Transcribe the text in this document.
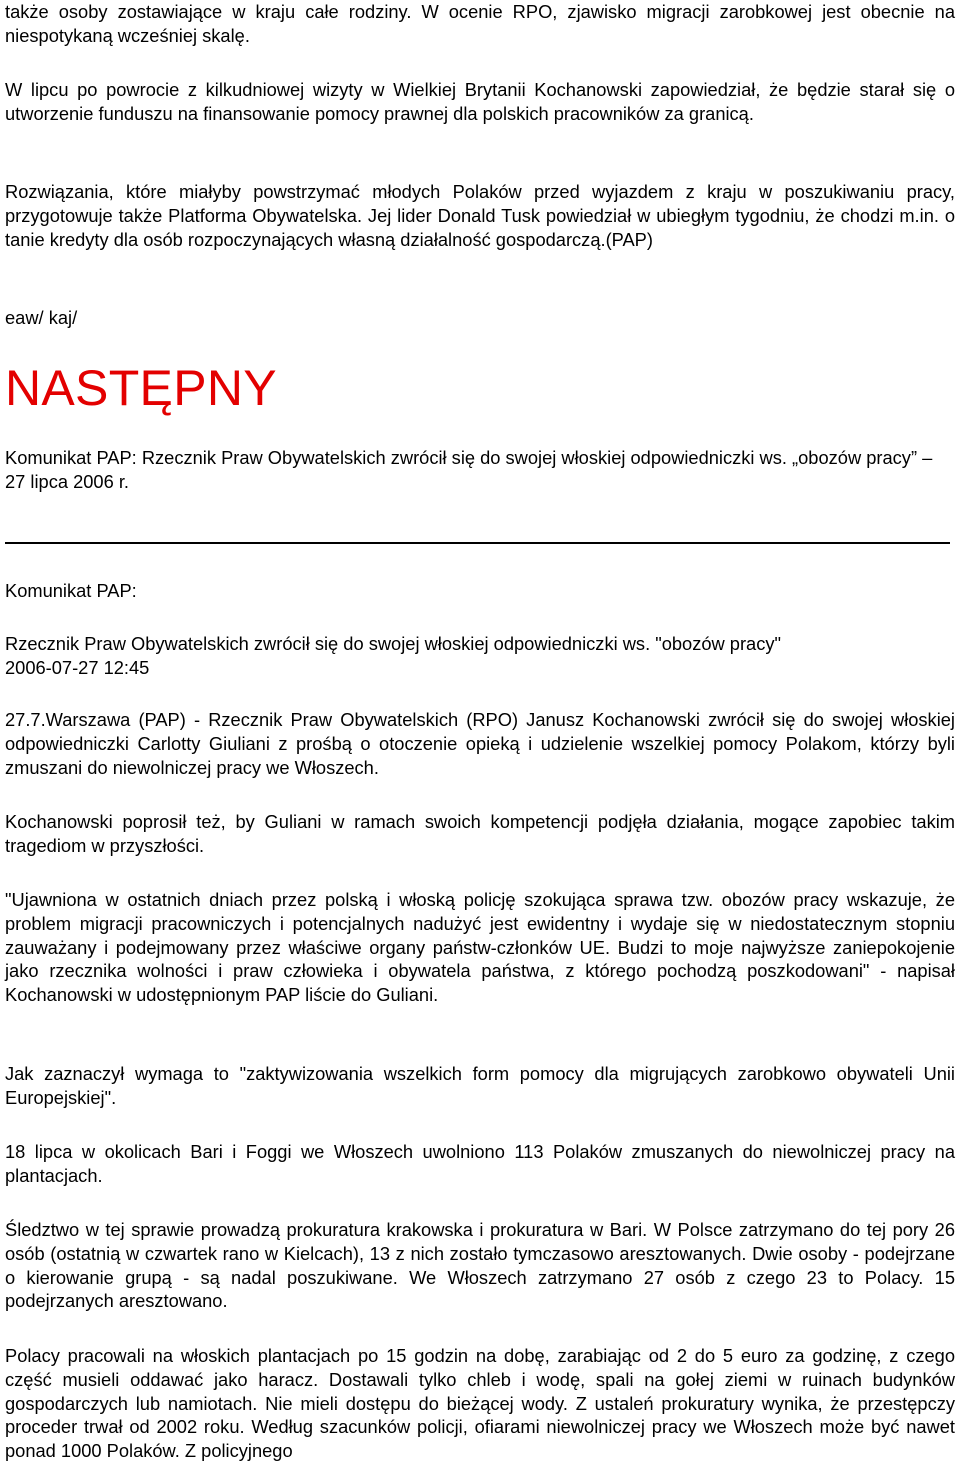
także osoby zostawiające w kraju całe rodziny. W ocenie RPO, zjawisko migracji zarobkowej jest obecnie na niespotykaną wcześniej skalę.

W lipcu po powrocie z kilkudniowej wizyty w Wielkiej Brytanii Kochanowski zapowiedział, że będzie starał się o utworzenie funduszu na finansowanie pomocy prawnej dla polskich pracowników za granicą.

Rozwiązania, które miałyby powstrzymać młodych Polaków przed wyjazdem z kraju w poszukiwaniu pracy, przygotowuje także Platforma Obywatelska. Jej lider Donald Tusk powiedział w ubiegłym tygodniu, że chodzi m.in. o tanie kredyty dla osób rozpoczynających własną działalność gospodarczą.(PAP)

eaw/ kaj/

NASTĘPNY

Komunikat PAP: Rzecznik Praw Obywatelskich zwrócił się do swojej włoskiej odpowiedniczki ws. „obozów pracy” – 27 lipca 2006 r.

Komunikat PAP:

Rzecznik Praw Obywatelskich zwrócił się do swojej włoskiej odpowiedniczki ws. "obozów pracy"
2006-07-27 12:45

27.7.Warszawa (PAP) - Rzecznik Praw Obywatelskich (RPO) Janusz Kochanowski zwrócił się do swojej włoskiej odpowiedniczki Carlotty Giuliani z prośbą o otoczenie opieką i udzielenie wszelkiej pomocy Polakom, którzy byli zmuszani do niewolniczej pracy we Włoszech.

Kochanowski poprosił też, by Guliani w ramach swoich kompetencji podjęła działania, mogące zapobiec takim tragediom w przyszłości.

"Ujawniona w ostatnich dniach przez polską i włoską policję szokująca sprawa tzw. obozów pracy wskazuje, że problem migracji pracowniczych i potencjalnych nadużyć jest ewidentny i wydaje się w niedostatecznym stopniu zauważany i podejmowany przez właściwe organy państw-członków UE. Budzi to moje najwyższe zaniepokojenie jako rzecznika wolności i praw człowieka i obywatela państwa, z którego pochodzą poszkodowani" - napisał Kochanowski w udostępnionym PAP liście do Guliani.

Jak zaznaczył wymaga to "zaktywizowania wszelkich form pomocy dla migrujących zarobkowo obywateli Unii Europejskiej".

18 lipca w okolicach Bari i Foggi we Włoszech uwolniono 113 Polaków zmuszanych do niewolniczej pracy na plantacjach.

Śledztwo w tej sprawie prowadzą prokuratura krakowska i prokuratura w Bari. W Polsce zatrzymano do tej pory 26 osób (ostatnią w czwartek rano w Kielcach), 13 z nich zostało tymczasowo aresztowanych. Dwie osoby - podejrzane o kierowanie grupą - są nadal poszukiwane. We Włoszech zatrzymano 27 osób z czego 23 to Polacy. 15 podejrzanych aresztowano.

Polacy pracowali na włoskich plantacjach po 15 godzin na dobę, zarabiając od 2 do 5 euro za godzinę, z czego część musieli oddawać jako haracz. Dostawali tylko chleb i wodę, spali na gołej ziemi w ruinach budynków gospodarczych lub namiotach. Nie mieli dostępu do bieżącej wody. Z ustaleń prokuratury wynika, że przestępczy proceder trwał od 2002 roku. Według szacunków policji, ofiarami niewolniczej pracy we Włoszech może być nawet ponad 1000 Polaków. Z policyjnego
